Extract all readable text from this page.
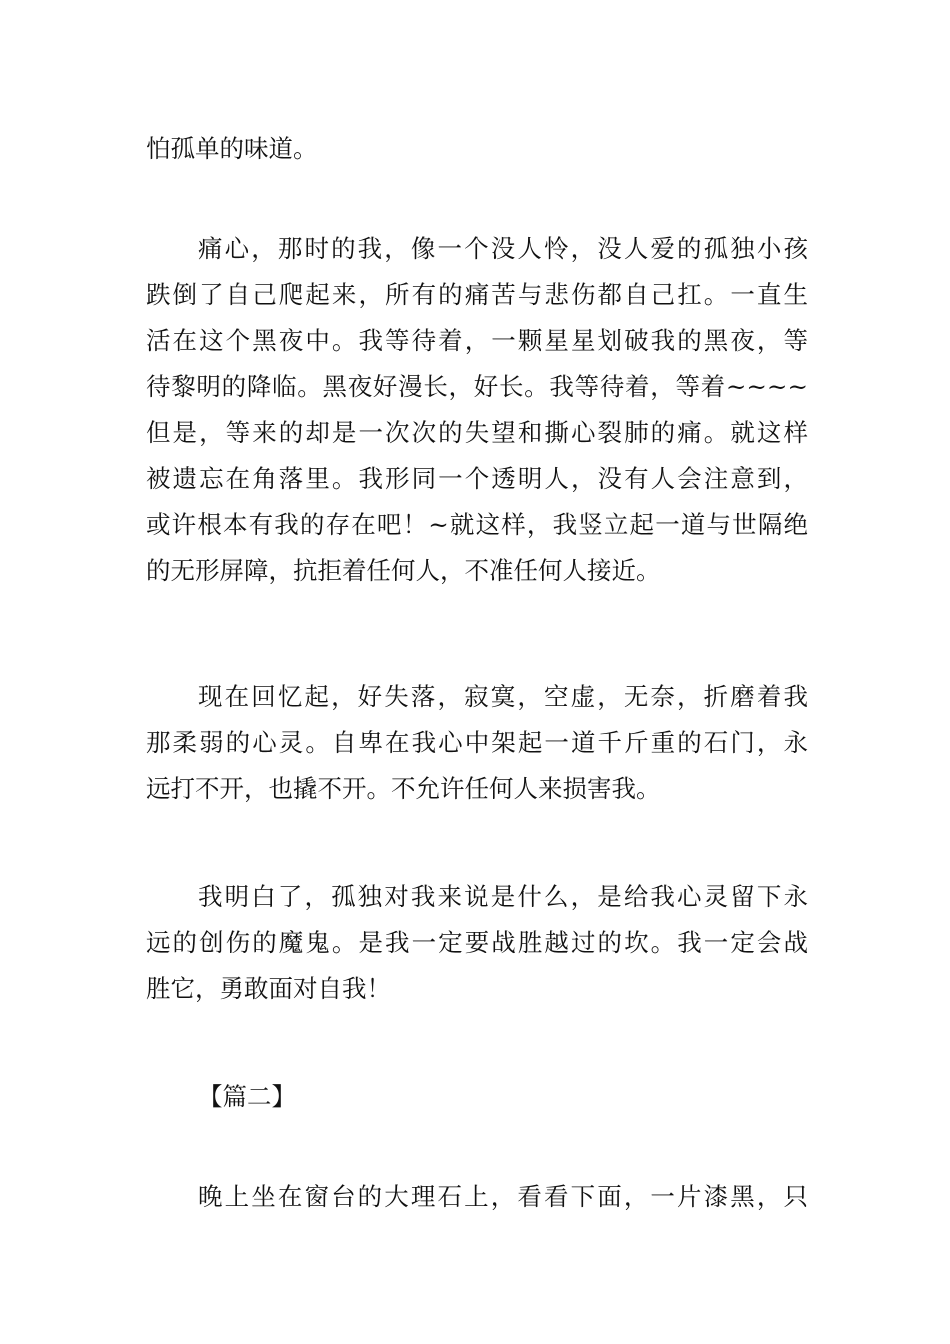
怕孤单的味道。
痛心，那时的我，像一个没人怜，没人爱的孤独小孩
跌倒了自己爬起来，所有的痛苦与悲伤都自己扛。一直生
活在这个黑夜中。我等待着，一颗星星划破我的黑夜，等
待黎明的降临。黑夜好漫长，好长。我等待着，等着~~~~
但是，等来的却是一次次的失望和撕心裂肺的痛。就这样
被遗忘在角落里。我形同一个透明人，没有人会注意到，
或许根本有我的存在吧！~就这样，我竖立起一道与世隔绝
的无形屏障，抗拒着任何人，不准任何人接近。
现在回忆起，好失落，寂寞，空虚，无奈，折磨着我
那柔弱的心灵。自卑在我心中架起一道千斤重的石门，永
远打不开，也撬不开。不允许任何人来损害我。
我明白了，孤独对我来说是什么，是给我心灵留下永
远的创伤的魔鬼。是我一定要战胜越过的坎。我一定会战
胜它，勇敢面对自我！
【篇二】
晚上坐在窗台的大理石上，看看下面，一片漆黑，只
